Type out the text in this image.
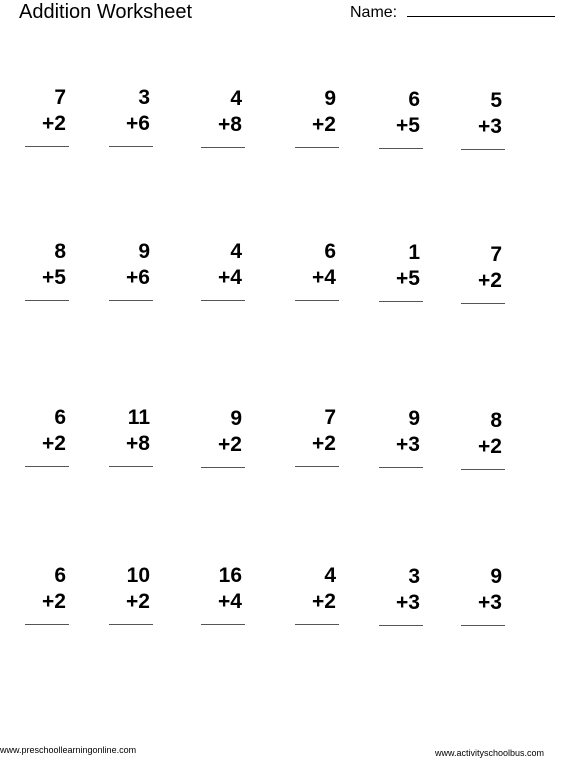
Addition Worksheet	Name:
7
+2
3
+6
4
+8
9
+2
6
+5
5
+3
8
+5
9
+6
4
+4
6
+4
1
+5
7
+2
6
+2
11
+8
9
+2
7
+2
9
+3
8
+2
6
+2
10
+2
16
+4
4
+2
3
+3
9
+3
www.preschoollearningonline.com	www.activityschoolbus.com
